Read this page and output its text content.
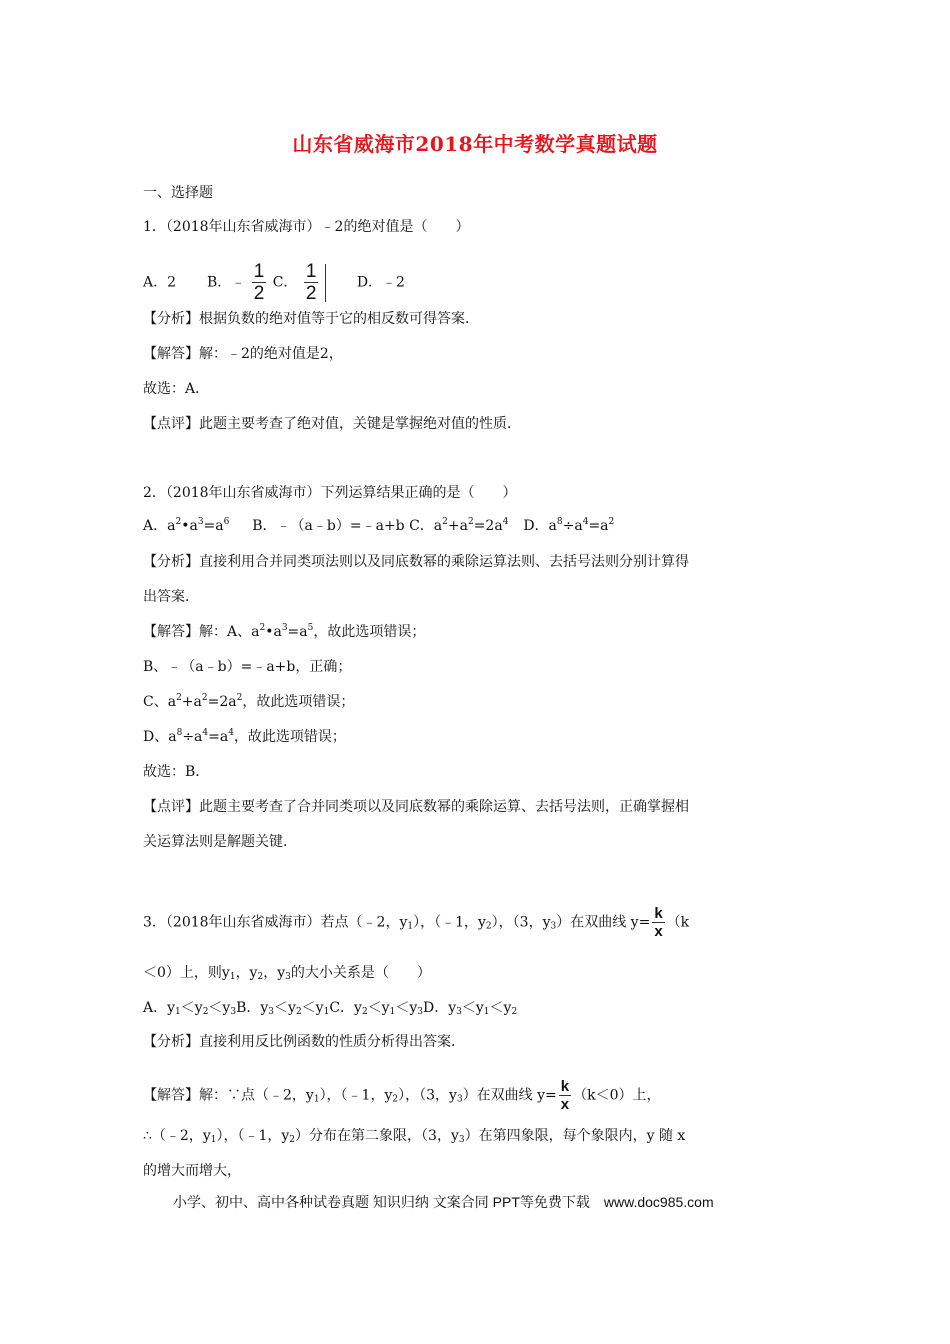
山东省威海市2018年中考数学真题试题
一、选择题
1．（2018年山东省威海市）﹣2的绝对值是（　　）
A．2 B．﹣ $\frac{1}{2}$ C． $\frac{1}{2}$	D．﹣2
【分析】根据负数的绝对值等于它的相反数可得答案．
【解答】解：﹣2的绝对值是2，
故选：A．
【点评】此题主要考查了绝对值，关键是掌握绝对值的性质．
2．（2018年山东省威海市）下列运算结果正确的是（　　）
A．$a^2•a^3=a^6$ B．﹣（a﹣b）=﹣a+b C．$a^2+a^2=2a^4$ D．$a^8\div a^4=a^2$
【分析】直接利用合并同类项法则以及同底数幂的乘除运算法则、去括号法则分别计算得
出答案．
【解答】解：A、$a^2•a^3=a^5$，故此选项错误；
B、﹣（a﹣b）=﹣a+b，正确；
C、$a^2+a^2=2a^2$，故此选项错误；
D、$a^8\div a^4=a^4$，故此选项错误；
故选：B．
【点评】此题主要考查了合并同类项以及同底数幂的乘除运算、去括号法则，正确掌握相
关运算法则是解题关键．
3．（2018年山东省威海市）若点（﹣2，$y_1$），（﹣1，$y_2$），（3，$y_3$）在双曲线 $y= \frac{k}{x} (k$
＜0）上，则$y_1$，$y_2$，$y_3$的大小关系是（　　）
A．$y_1<y_2<y_3B$．$y_3<y_2<y_1C$．$y_2<y_1<y_3D$．$y_3<y_1<y_2$
【分析】直接利用反比例函数的性质分析得出答案．
【解答】解：∵点（﹣2，$y_1$），（﹣1，$y_2$），（3，$y_3$）在双曲线 $y= \frac{k}{x} (k<0)$上，
∴（﹣2，$y_1$），（﹣1，$y_2$）分布在第二象限，（3，$y_3$）在第四象限，每个象限内，y 随 x
的增大而增大，
小学、初中、高中各种试卷真题 知识归纳 文案合同 PPT等免费下载　www.doc985.com
